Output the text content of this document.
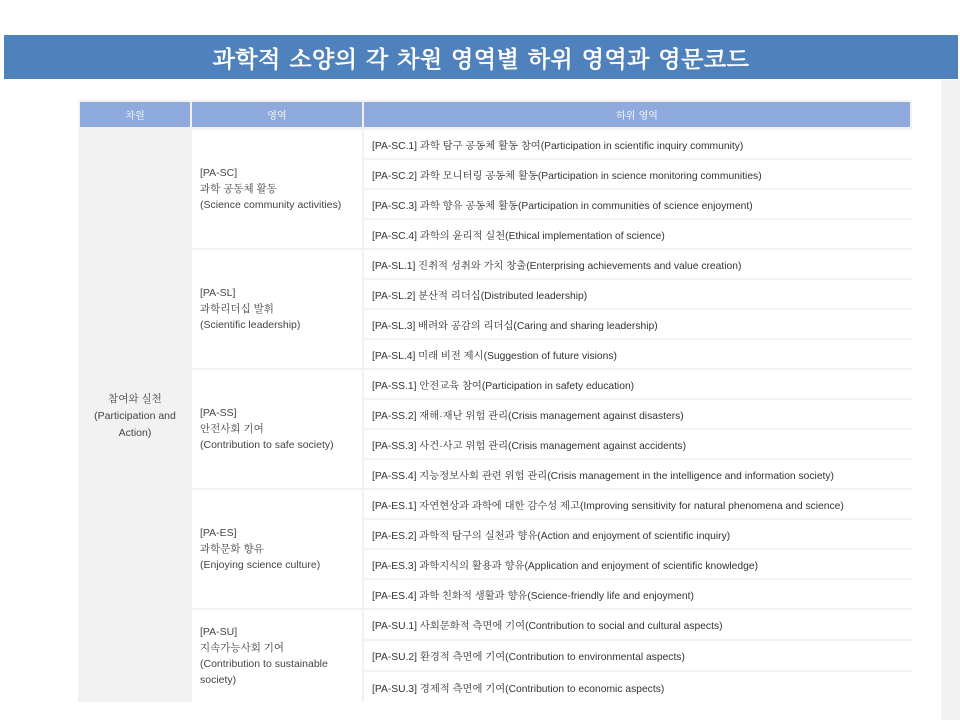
과학적 소양의 각 차원 영역별 하위 영역과 영문코드
차원	영역	하위 영역
참여와 실천
(Participation and
Action)
[PA-SC]
과학 공동체 활동
(Science community activities)
[PA-SL]
과학리더십 발휘
(Scientific leadership)
[PA-SS]
안전사회 기여
(Contribution to safe society)
[PA-ES]
과학문화 향유
(Enjoying science culture)
[PA-SU]
지속가능사회 기여
(Contribution to sustainable
society)
[PA-SC.1] 과학 탐구 공동체 활동 참여(Participation in scientific inquiry community)
[PA-SC.2] 과학 모니터링 공동체 활동(Participation in science monitoring communities)
[PA-SC.3] 과학 향유 공동체 활동(Participation in communities of science enjoyment)
[PA-SC.4] 과학의 윤리적 실천(Ethical implementation of science)
[PA-SL.1] 진취적 성취와 가치 창출(Enterprising achievements and value creation)
[PA-SL.2] 분산적 리더십(Distributed leadership)
[PA-SL.3] 배려와 공감의 리더십(Caring and sharing leadership)
[PA-SL.4] 미래 비전 제시(Suggestion of future visions)
[PA-SS.1] 안전교육 참여(Participation in safety education)
[PA-SS.2] 재해·재난 위험 관리(Crisis management against disasters)
[PA-SS.3] 사건·사고 위험 관리(Crisis management against accidents)
[PA-SS.4] 지능정보사회 관련 위험 관리(Crisis management in the intelligence and information society)
[PA-ES.1] 자연현상과 과학에 대한 감수성 제고(Improving sensitivity for natural phenomena and science)
[PA-ES.2] 과학적 탐구의 실천과 향유(Action and enjoyment of scientific inquiry)
[PA-ES.3] 과학지식의 활용과 향유(Application and enjoyment of scientific knowledge)
[PA-ES.4] 과학 친화적 생활과 향유(Science-friendly life and enjoyment)
[PA-SU.1] 사회문화적 측면에 기여(Contribution to social and cultural aspects)
[PA-SU.2] 환경적 측면에 기여(Contribution to environmental aspects)
[PA-SU.3] 경제적 측면에 기여(Contribution to economic aspects)
